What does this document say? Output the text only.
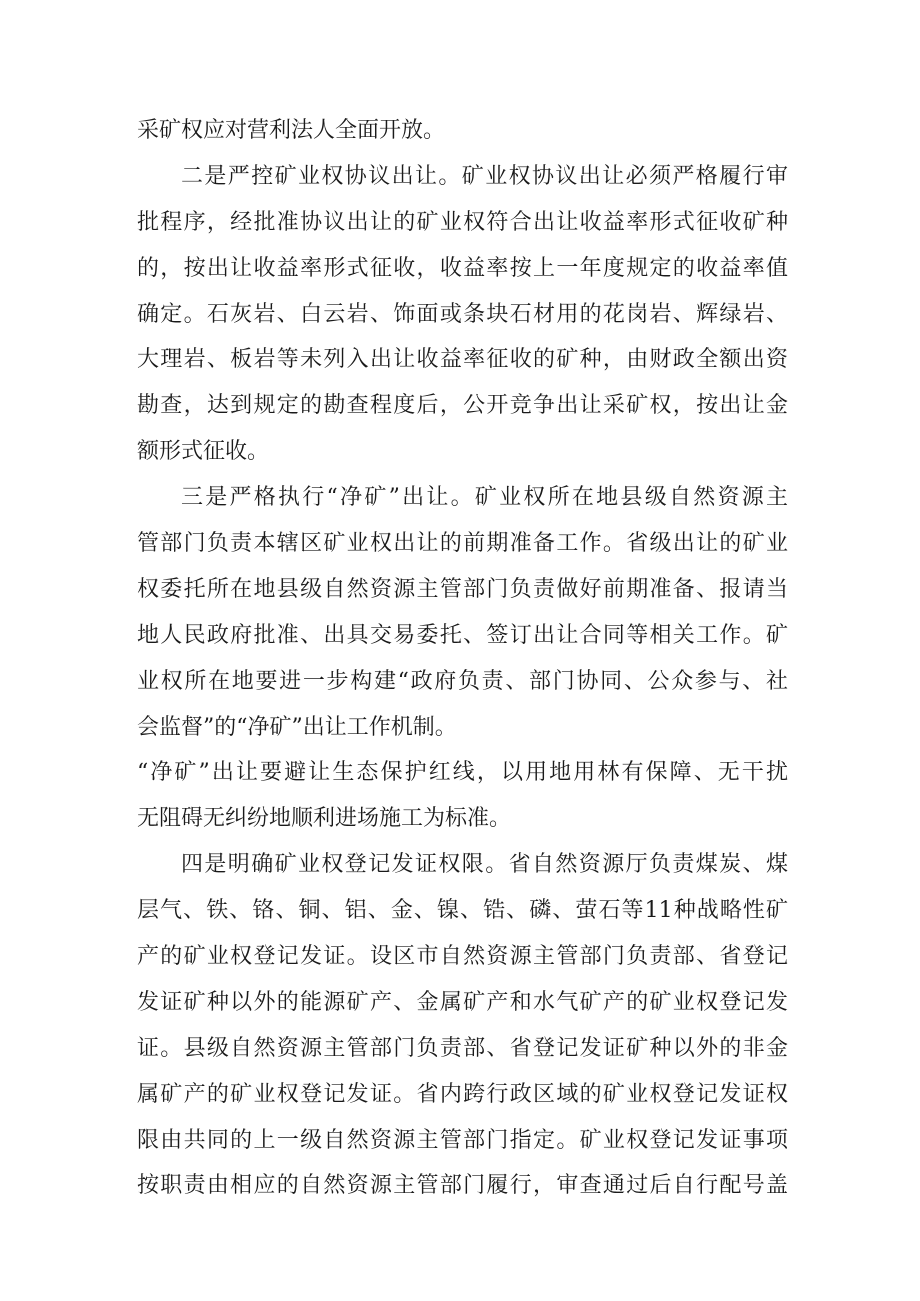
采矿权应对营利法人全面开放。
二是严控矿业权协议出让。矿业权协议出让必须严格履行审
批程序，经批准协议出让的矿业权符合出让收益率形式征收矿种
的，按出让收益率形式征收，收益率按上一年度规定的收益率值
确定。石灰岩、白云岩、饰面或条块石材用的花岗岩、辉绿岩、
大理岩、板岩等未列入出让收益率征收的矿种，由财政全额出资
勘查，达到规定的勘查程度后，公开竞争出让采矿权，按出让金
额形式征收。
三是严格执行“净矿”出让。矿业权所在地县级自然资源主
管部门负责本辖区矿业权出让的前期准备工作。省级出让的矿业
权委托所在地县级自然资源主管部门负责做好前期准备、报请当
地人民政府批准、出具交易委托、签订出让合同等相关工作。矿
业权所在地要进一步构建“政府负责、部门协同、公众参与、社
会监督”的“净矿”出让工作机制。
“净矿”出让要避让生态保护红线，以用地用林有保障、无干扰
无阻碍无纠纷地顺利进场施工为标准。
四是明确矿业权登记发证权限。省自然资源厅负责煤炭、煤
层气、铁、铬、铜、铝、金、镍、锆、磷、萤石等11种战略性矿
产的矿业权登记发证。设区市自然资源主管部门负责部、省登记
发证矿种以外的能源矿产、金属矿产和水气矿产的矿业权登记发
证。县级自然资源主管部门负责部、省登记发证矿种以外的非金
属矿产的矿业权登记发证。省内跨行政区域的矿业权登记发证权
限由共同的上一级自然资源主管部门指定。矿业权登记发证事项
按职责由相应的自然资源主管部门履行，审查通过后自行配号盖
